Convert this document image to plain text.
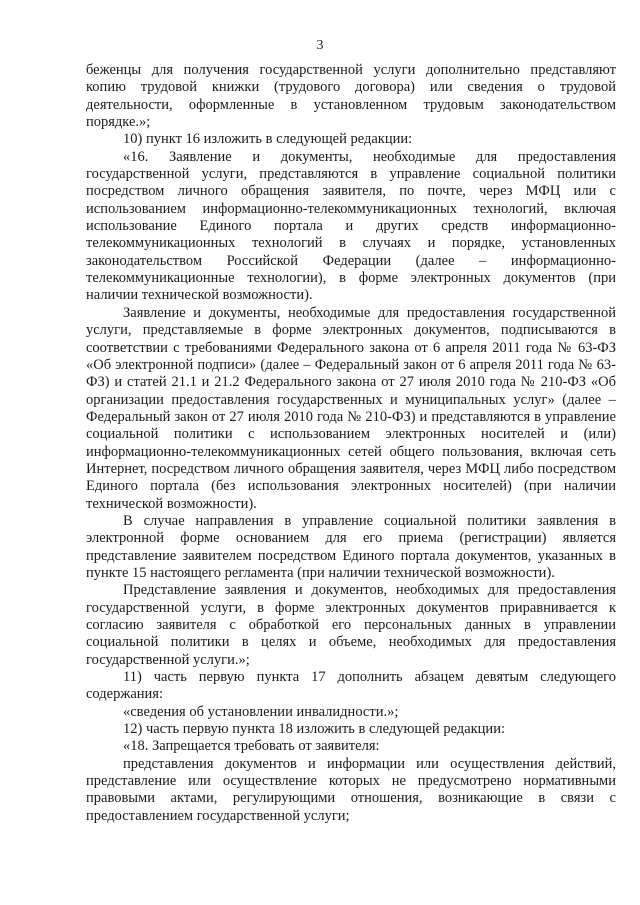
3

беженцы для получения государственной услуги дополнительно представляют копию трудовой книжки (трудового договора) или сведения о трудовой деятельности, оформленные в установленном трудовым законодательством порядке.»;

10) пункт 16 изложить в следующей редакции:

«16. Заявление и документы, необходимые для предоставления государственной услуги, представляются в управление социальной политики посредством личного обращения заявителя, по почте, через МФЦ или с использованием информационно-телекоммуникационных технологий, включая использование Единого портала и других средств информационно-телекоммуникационных технологий в случаях и порядке, установленных законодательством Российской Федерации (далее – информационно-телекоммуникационные технологии), в форме электронных документов (при наличии технической возможности).

Заявление и документы, необходимые для предоставления государственной услуги, представляемые в форме электронных документов, подписываются в соответствии с требованиями Федерального закона от 6 апреля 2011 года № 63-ФЗ «Об электронной подписи» (далее – Федеральный закон от 6 апреля 2011 года № 63-ФЗ) и статей 21.1 и 21.2 Федерального закона от 27 июля 2010 года № 210-ФЗ «Об организации предоставления государственных и муниципальных услуг» (далее – Федеральный закон от 27 июля 2010 года № 210-ФЗ) и представляются в управление социальной политики с использованием электронных носителей и (или) информационно-телекоммуникационных сетей общего пользования, включая сеть Интернет, посредством личного обращения заявителя, через МФЦ либо посредством Единого портала (без использования электронных носителей) (при наличии технической возможности).

В случае направления в управление социальной политики заявления в электронной форме основанием для его приема (регистрации) является представление заявителем посредством Единого портала документов, указанных в пункте 15 настоящего регламента (при наличии технической возможности).

Представление заявления и документов, необходимых для предоставления государственной услуги, в форме электронных документов приравнивается к согласию заявителя с обработкой его персональных данных в управлении социальной политики в целях и объеме, необходимых для предоставления государственной услуги.»;

11) часть первую пункта 17 дополнить абзацем девятым следующего содержания:

«сведения об установлении инвалидности.»;

12) часть первую пункта 18 изложить в следующей редакции:

«18. Запрещается требовать от заявителя:

представления документов и информации или осуществления действий, представление или осуществление которых не предусмотрено нормативными правовыми актами, регулирующими отношения, возникающие в связи с предоставлением государственной услуги;
